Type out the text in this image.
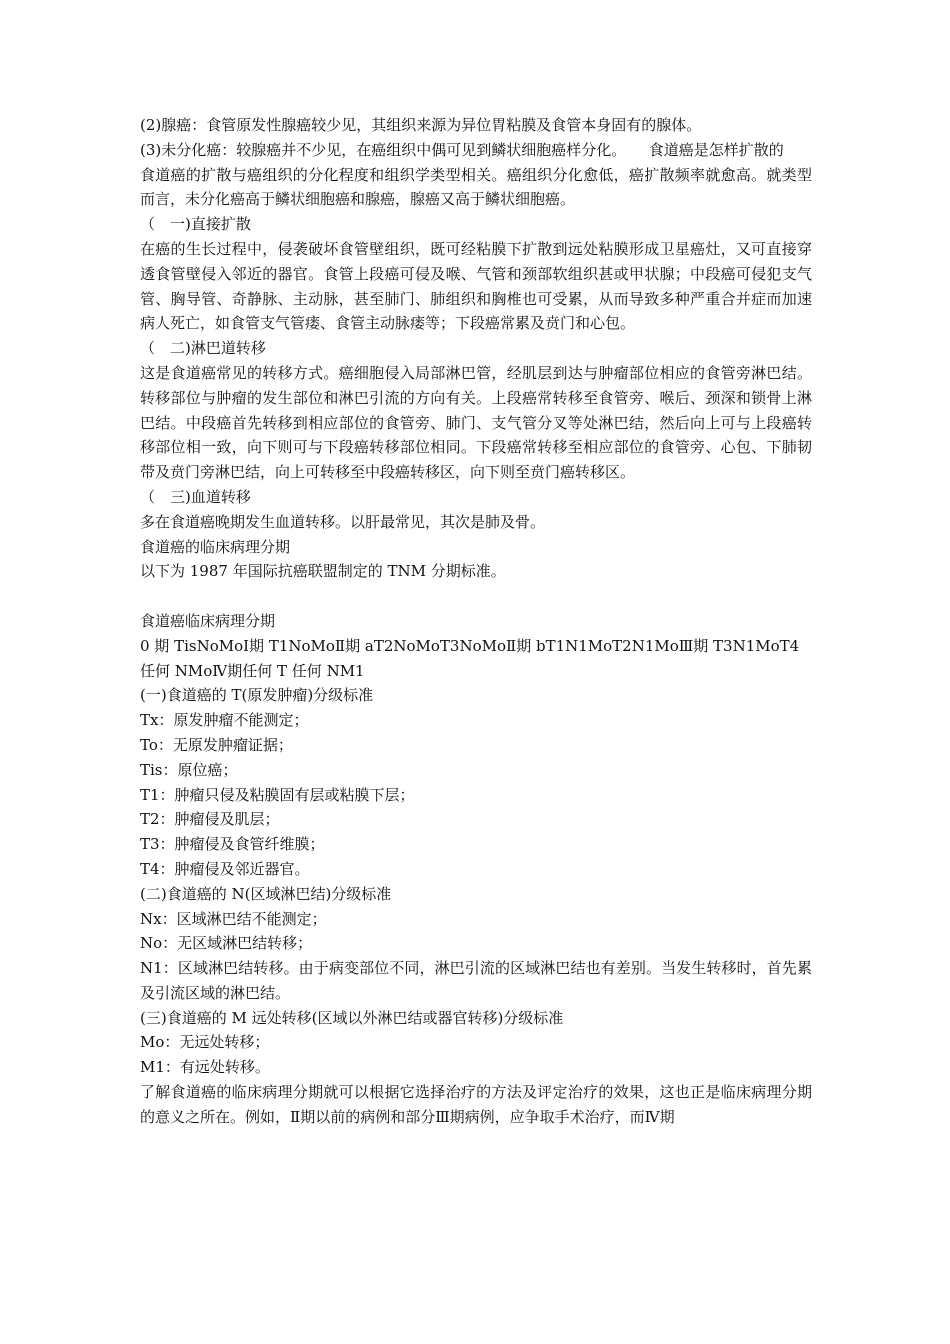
(2)腺癌：食管原发性腺癌较少见，其组织来源为异位胃粘膜及食管本身固有的腺体。

(3)未分化癌：较腺癌并不少见，在癌组织中偶可见到鳞状细胞癌样分化。　　食道癌是怎样扩散的

食道癌的扩散与癌组织的分化程度和组织学类型相关。癌组织分化愈低，癌扩散频率就愈高。就类型而言，未分化癌高于鳞状细胞癌和腺癌，腺癌又高于鳞状细胞癌。

（　一)直接扩散

在癌的生长过程中，侵袭破坏食管壁组织，既可经粘膜下扩散到远处粘膜形成卫星癌灶，又可直接穿透食管壁侵入邻近的器官。食管上段癌可侵及喉、气管和颈部软组织甚或甲状腺；中段癌可侵犯支气管、胸导管、奇静脉、主动脉，甚至肺门、肺组织和胸椎也可受累，从而导致多种严重合并症而加速病人死亡，如食管支气管瘘、食管主动脉瘘等；下段癌常累及贲门和心包。

（　二)淋巴道转移

这是食道癌常见的转移方式。癌细胞侵入局部淋巴管，经肌层到达与肿瘤部位相应的食管旁淋巴结。转移部位与肿瘤的发生部位和淋巴引流的方向有关。上段癌常转移至食管旁、喉后、颈深和锁骨上淋巴结。中段癌首先转移到相应部位的食管旁、肺门、支气管分叉等处淋巴结，然后向上可与上段癌转移部位相一致，向下则可与下段癌转移部位相同。下段癌常转移至相应部位的食管旁、心包、下肺韧带及贲门旁淋巴结，向上可转移至中段癌转移区，向下则至贲门癌转移区。

（　三)血道转移

多在食道癌晚期发生血道转移。以肝最常见，其次是肺及骨。

食道癌的临床病理分期

以下为 1987 年国际抗癌联盟制定的 TNM 分期标准。

食道癌临床病理分期

0 期 TisNoMoⅠ期 T1NoMoⅡ期 aT2NoMoT3NoMoⅡ期 bT1N1MoT2N1MoⅢ期 T3N1MoT4 任何 NMoⅣ期任何 T 任何 NM1

(一)食道癌的 T(原发肿瘤)分级标准

Tx：原发肿瘤不能测定；

To：无原发肿瘤证据；

Tis：原位癌；

T1：肿瘤只侵及粘膜固有层或粘膜下层；

T2：肿瘤侵及肌层；

T3：肿瘤侵及食管纤维膜；

T4：肿瘤侵及邻近器官。

(二)食道癌的 N(区域淋巴结)分级标准

Nx：区域淋巴结不能测定；

No：无区域淋巴结转移；

N1：区域淋巴结转移。由于病变部位不同，淋巴引流的区域淋巴结也有差别。当发生转移时，首先累及引流区域的淋巴结。

(三)食道癌的 M 远处转移(区域以外淋巴结或器官转移)分级标准

Mo：无远处转移；

M1：有远处转移。

了解食道癌的临床病理分期就可以根据它选择治疗的方法及评定治疗的效果，这也正是临床病理分期的意义之所在。例如，Ⅱ期以前的病例和部分Ⅲ期病例，应争取手术治疗，而Ⅳ期
